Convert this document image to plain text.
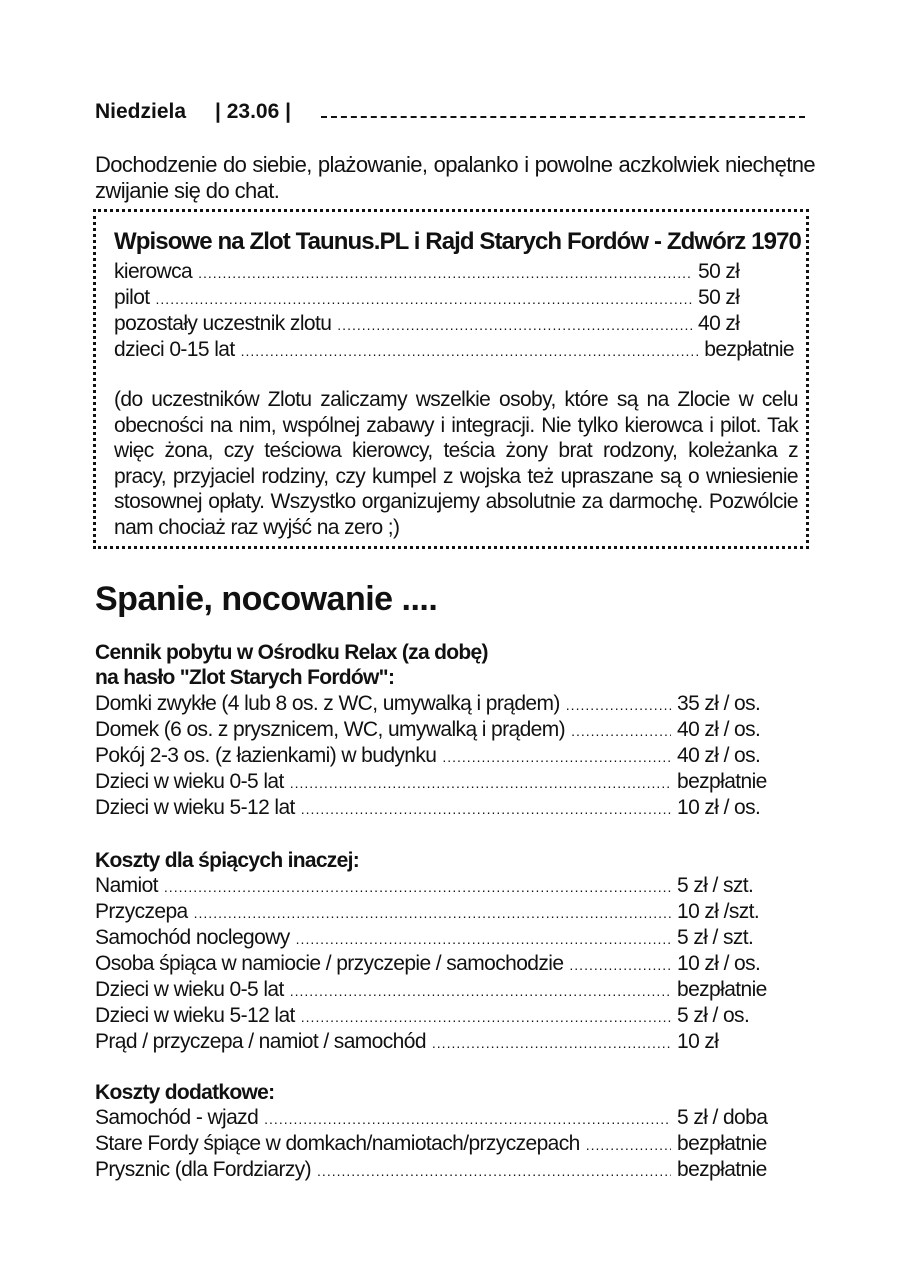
Niedziela | 23.06 |
Dochodzenie do siebie, plażowanie, opalanko i powolne aczkolwiek niechętne zwijanie się do chat.
Wpisowe na Zlot Taunus.PL i Rajd Starych Fordów - Zdwórz 1970
kierowca .....	50 zł
pilot .....	50 zł
pozostały uczestnik zlotu .....	40 zł
dzieci 0-15 lat .....	bezpłatnie
(do uczestników Zlotu zaliczamy wszelkie osoby, które są na Zlocie w celu obecności na nim, wspólnej zabawy i integracji. Nie tylko kierowca i pilot. Tak więc żona, czy teściowa kierowcy, teścia żony brat rodzony, koleżanka z pracy, przyjaciel rodziny, czy kumpel z wojska też upraszane są o wniesienie stosownej opłaty. Wszystko organizujemy absolutnie za darmochę. Pozwólcie nam chociaż raz wyjść na zero ;)
Spanie, nocowanie ....
Cennik pobytu w Ośrodku Relax (za dobę)
na hasło "Zlot Starych Fordów":
Domki zwykłe (4 lub 8 os. z WC, umywalką i prądem) .....	35 zł / os.
Domek (6 os. z prysznicem, WC, umywalką i prądem) .....	40 zł / os.
Pokój 2-3 os. (z łazienkami) w budynku .....	40 zł / os.
Dzieci w wieku 0-5 lat .....	bezpłatnie
Dzieci w wieku 5-12 lat .....	10 zł / os.
Koszty dla śpiących inaczej:
Namiot .....	5 zł / szt.
Przyczepa .....	10 zł /szt.
Samochód noclegowy .....	5 zł / szt.
Osoba śpiąca w namiocie / przyczepie / samochodzie .....	10 zł / os.
Dzieci w wieku 0-5 lat .....	bezpłatnie
Dzieci w wieku 5-12 lat .....	5 zł / os.
Prąd / przyczepa / namiot / samochód .....	10 zł
Koszty dodatkowe:
Samochód - wjazd .....	5 zł / doba
Stare Fordy śpiące w domkach/namiotach/przyczepach .....	bezpłatnie
Prysznic (dla Fordziarzy) .....	bezpłatnie
